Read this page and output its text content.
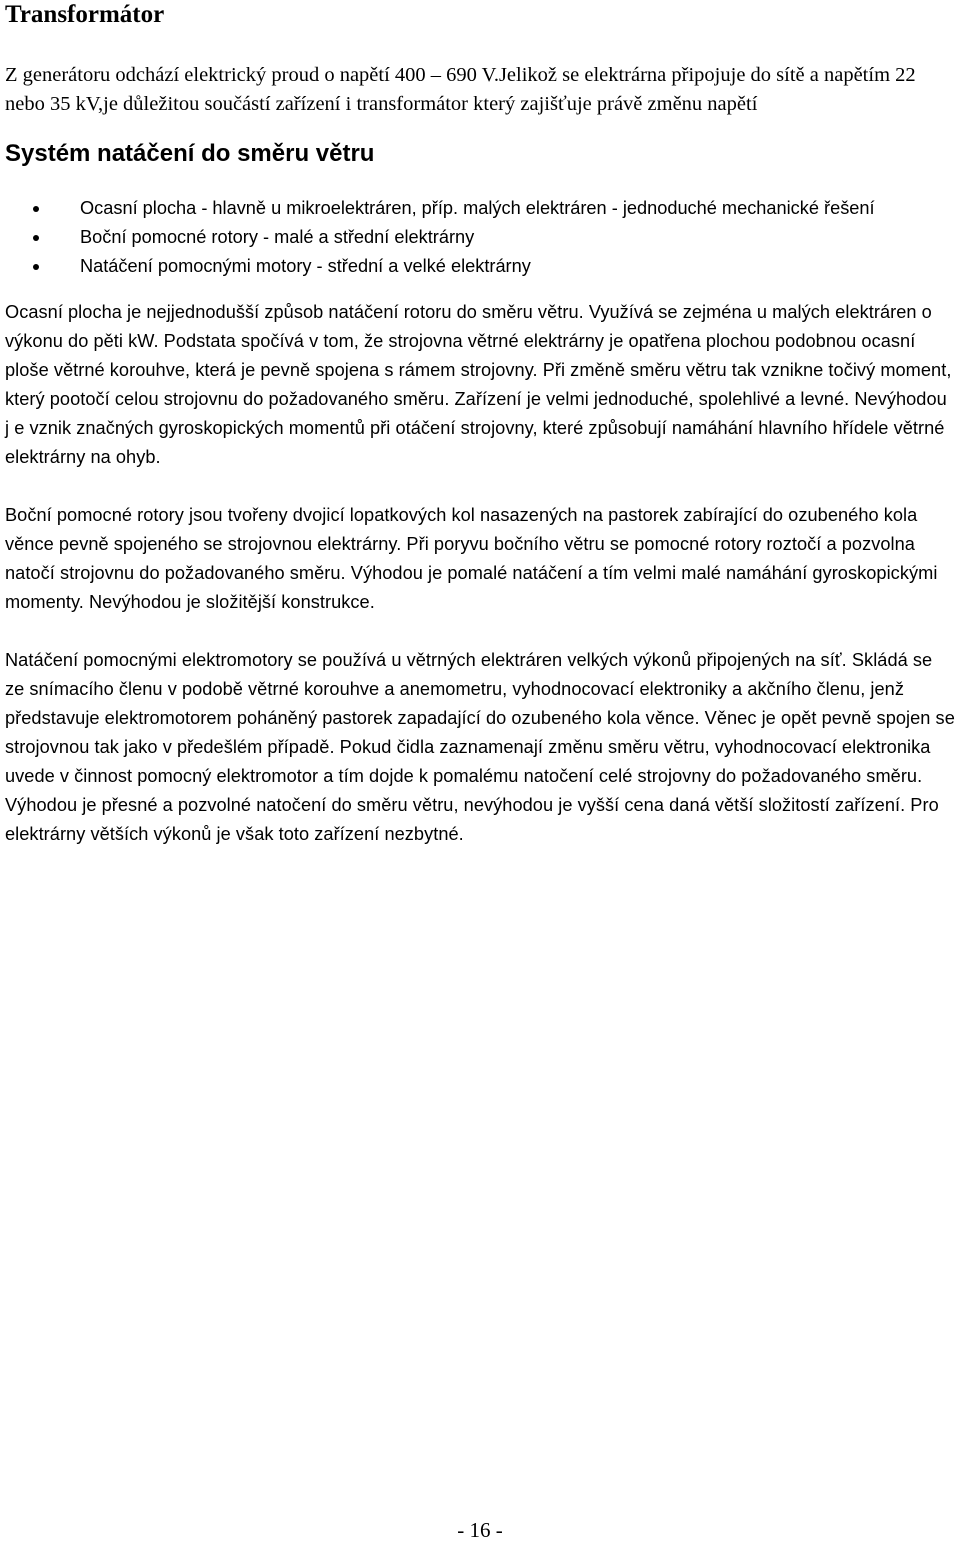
Transformátor

Z generátoru odchází elektrický proud o napětí 400 – 690 V.Jelikož se elektrárna připojuje do sítě a napětím 22 nebo 35 kV,je důležitou součástí zařízení i transformátor který zajišťuje právě změnu napětí

Systém natáčení do směru větru
Ocasní plocha - hlavně u mikroelektráren, příp. malých elektráren - jednoduché mechanické řešení
Boční pomocné rotory - malé a střední elektrárny
Natáčení pomocnými motory - střední a velké elektrárny

Ocasní plocha je nejjednodušší způsob natáčení rotoru do směru větru. Využívá se zejména u malých elektráren o výkonu do pěti kW. Podstata spočívá v tom, že strojovna větrné elektrárny je opatřena plochou podobnou ocasní ploše větrné korouhve, která je pevně spojena s rámem strojovny. Při změně směru větru tak vznikne točivý moment, který pootočí celou strojovnu do požadovaného směru. Zařízení je velmi jednoduché, spolehlivé a levné. Nevýhodou j e vznik značných gyroskopických momentů při otáčení strojovny, které způsobují namáhání hlavního hřídele větrné elektrárny na ohyb.

Boční pomocné rotory jsou tvořeny dvojicí lopatkových kol nasazených na pastorek zabírající do ozubeného kola věnce pevně spojeného se strojovnou elektrárny. Při poryvu bočního větru se pomocné rotory roztočí a pozvolna natočí strojovnu do požadovaného směru. Výhodou je pomalé natáčení a tím velmi malé namáhání gyroskopickými momenty. Nevýhodou je složitější konstrukce.

Natáčení pomocnými elektromotory se používá u větrných elektráren velkých výkonů připojených na síť. Skládá se ze snímacího členu v podobě větrné korouhve a anemometru, vyhodnocovací elektroniky a akčního členu, jenž představuje elektromotorem poháněný pastorek zapadající do ozubeného kola věnce. Věnec je opět pevně spojen se strojovnou tak jako v předešlém případě. Pokud čidla zaznamenají změnu směru větru, vyhodnocovací elektronika uvede v činnost pomocný elektromotor a tím dojde k pomalému natočení celé strojovny do požadovaného směru. Výhodou je přesné a pozvolné natočení do směru větru, nevýhodou je vyšší cena daná větší složitostí zařízení. Pro elektrárny větších výkonů je však toto zařízení nezbytné.

- 16 -
